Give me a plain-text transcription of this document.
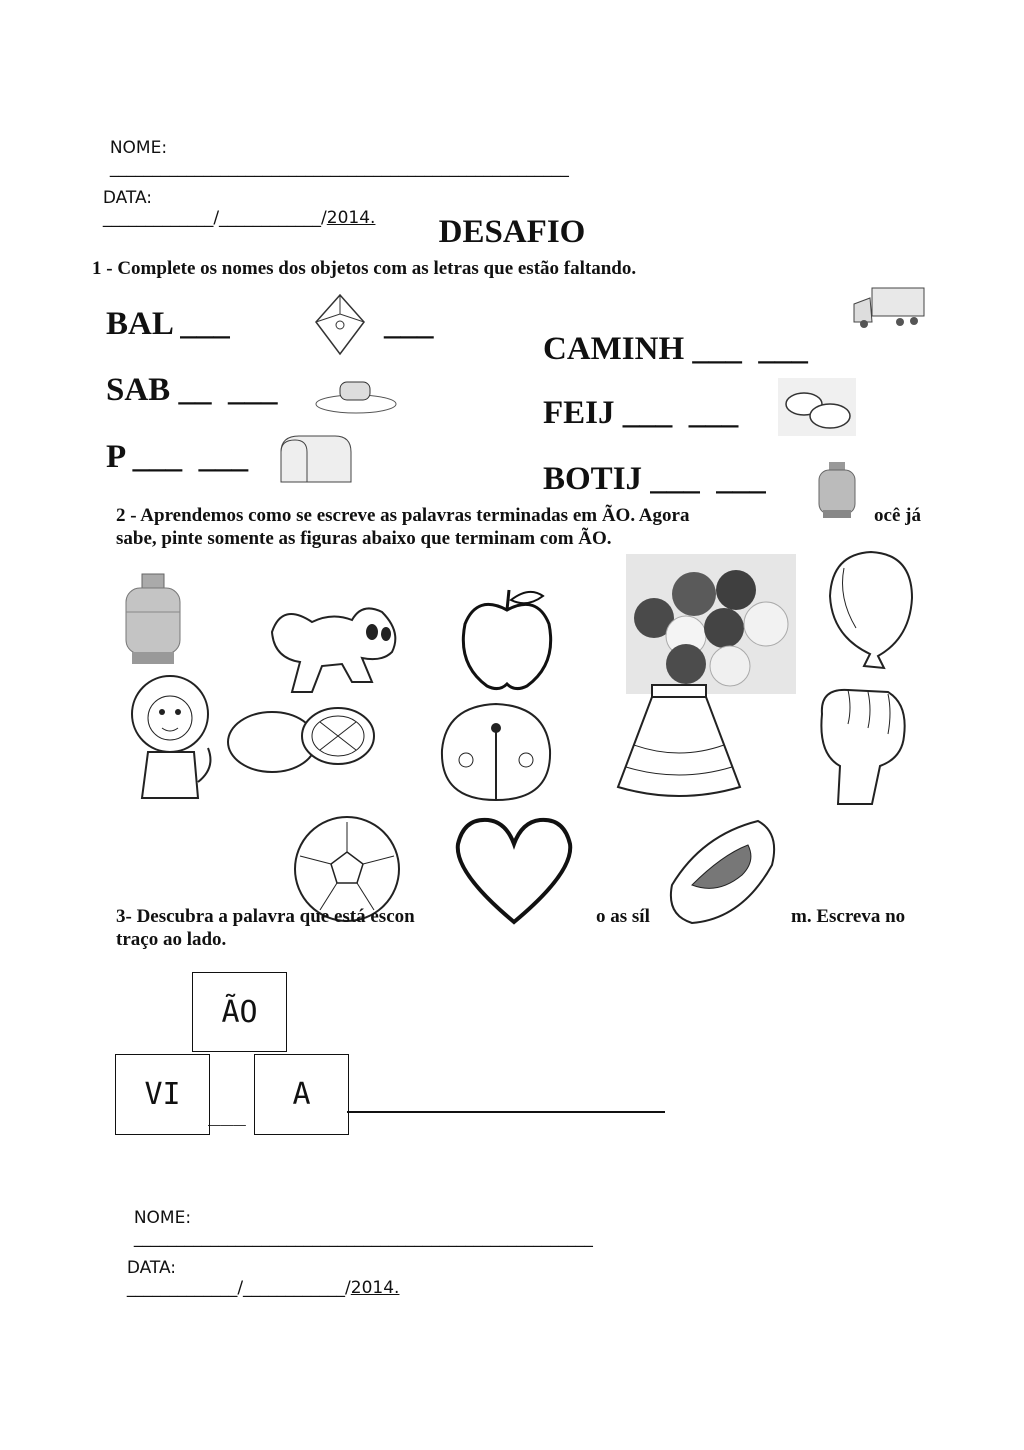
NOME:
______________________________________________________

DATA:
_____________/____________/2014.	DESAFIO
1 - Complete os nomes dos objetos com as letras que estão faltando.
BAL ___	___
SAB __  ___
P ___  ___
CAMINH ___  ___
FEIJ ___  ___
BOTIJ ___  ___
2 - Aprendemos como se escreve as palavras terminadas em ÃO. Agora	ocê já
sabe, pinte somente as figuras abaixo que terminam com ÃO.
3- Descubra a palavra que está escon	o as síl	m. Escreva no
traço ao lado.
ÃO
VI	A
___

NOME:
______________________________________________________

DATA:
_____________/____________/2014.
